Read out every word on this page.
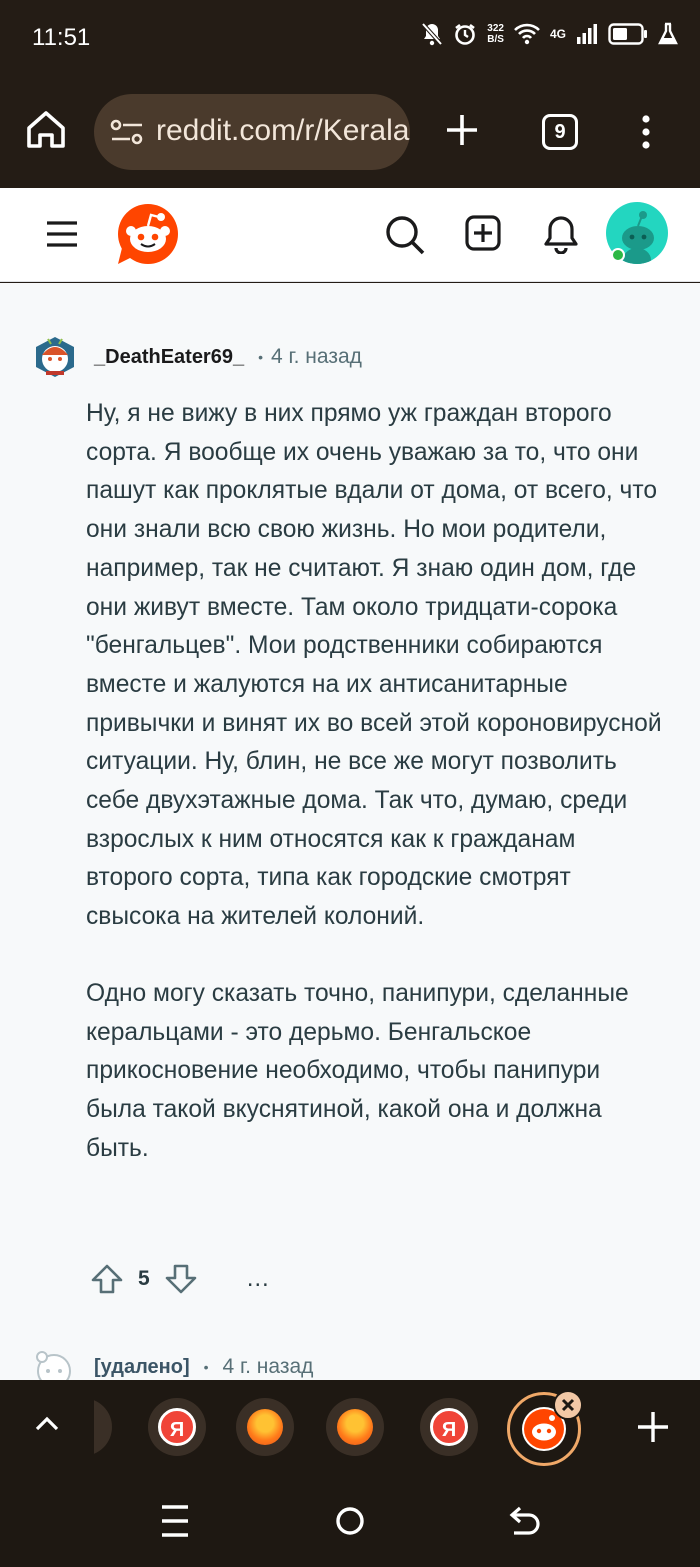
11:51	322
B/S	4G
reddit.com/r/Kerala	9
_DeathEater69_ • 4 г. назад

Ну, я не вижу в них прямо уж граждан второго сорта. Я вообще их очень уважаю за то, что они пашут как проклятые вдали от дома, от всего, что они знали всю свою жизнь. Но мои родители, например, так не считают. Я знаю один дом, где они живут вместе. Там около тридцати-сорока "бенгальцев". Мои родственники собираются вместе и жалуются на их антисанитарные привычки и винят их во всей этой короновирусной ситуации. Ну, блин, не все же могут позволить себе двухэтажные дома. Так что, думаю, среди взрослых к ним относятся как к гражданам второго сорта, типа как городские смотрят свысока на жителей колоний.

Одно могу сказать точно, панипури, сделанные керальцами - это дерьмо. Бенгальское прикосновение необходимо, чтобы панипури была такой вкуснятиной, какой она и должна быть.

5	…
[удалено] • 4 г. назад
Я	Я
